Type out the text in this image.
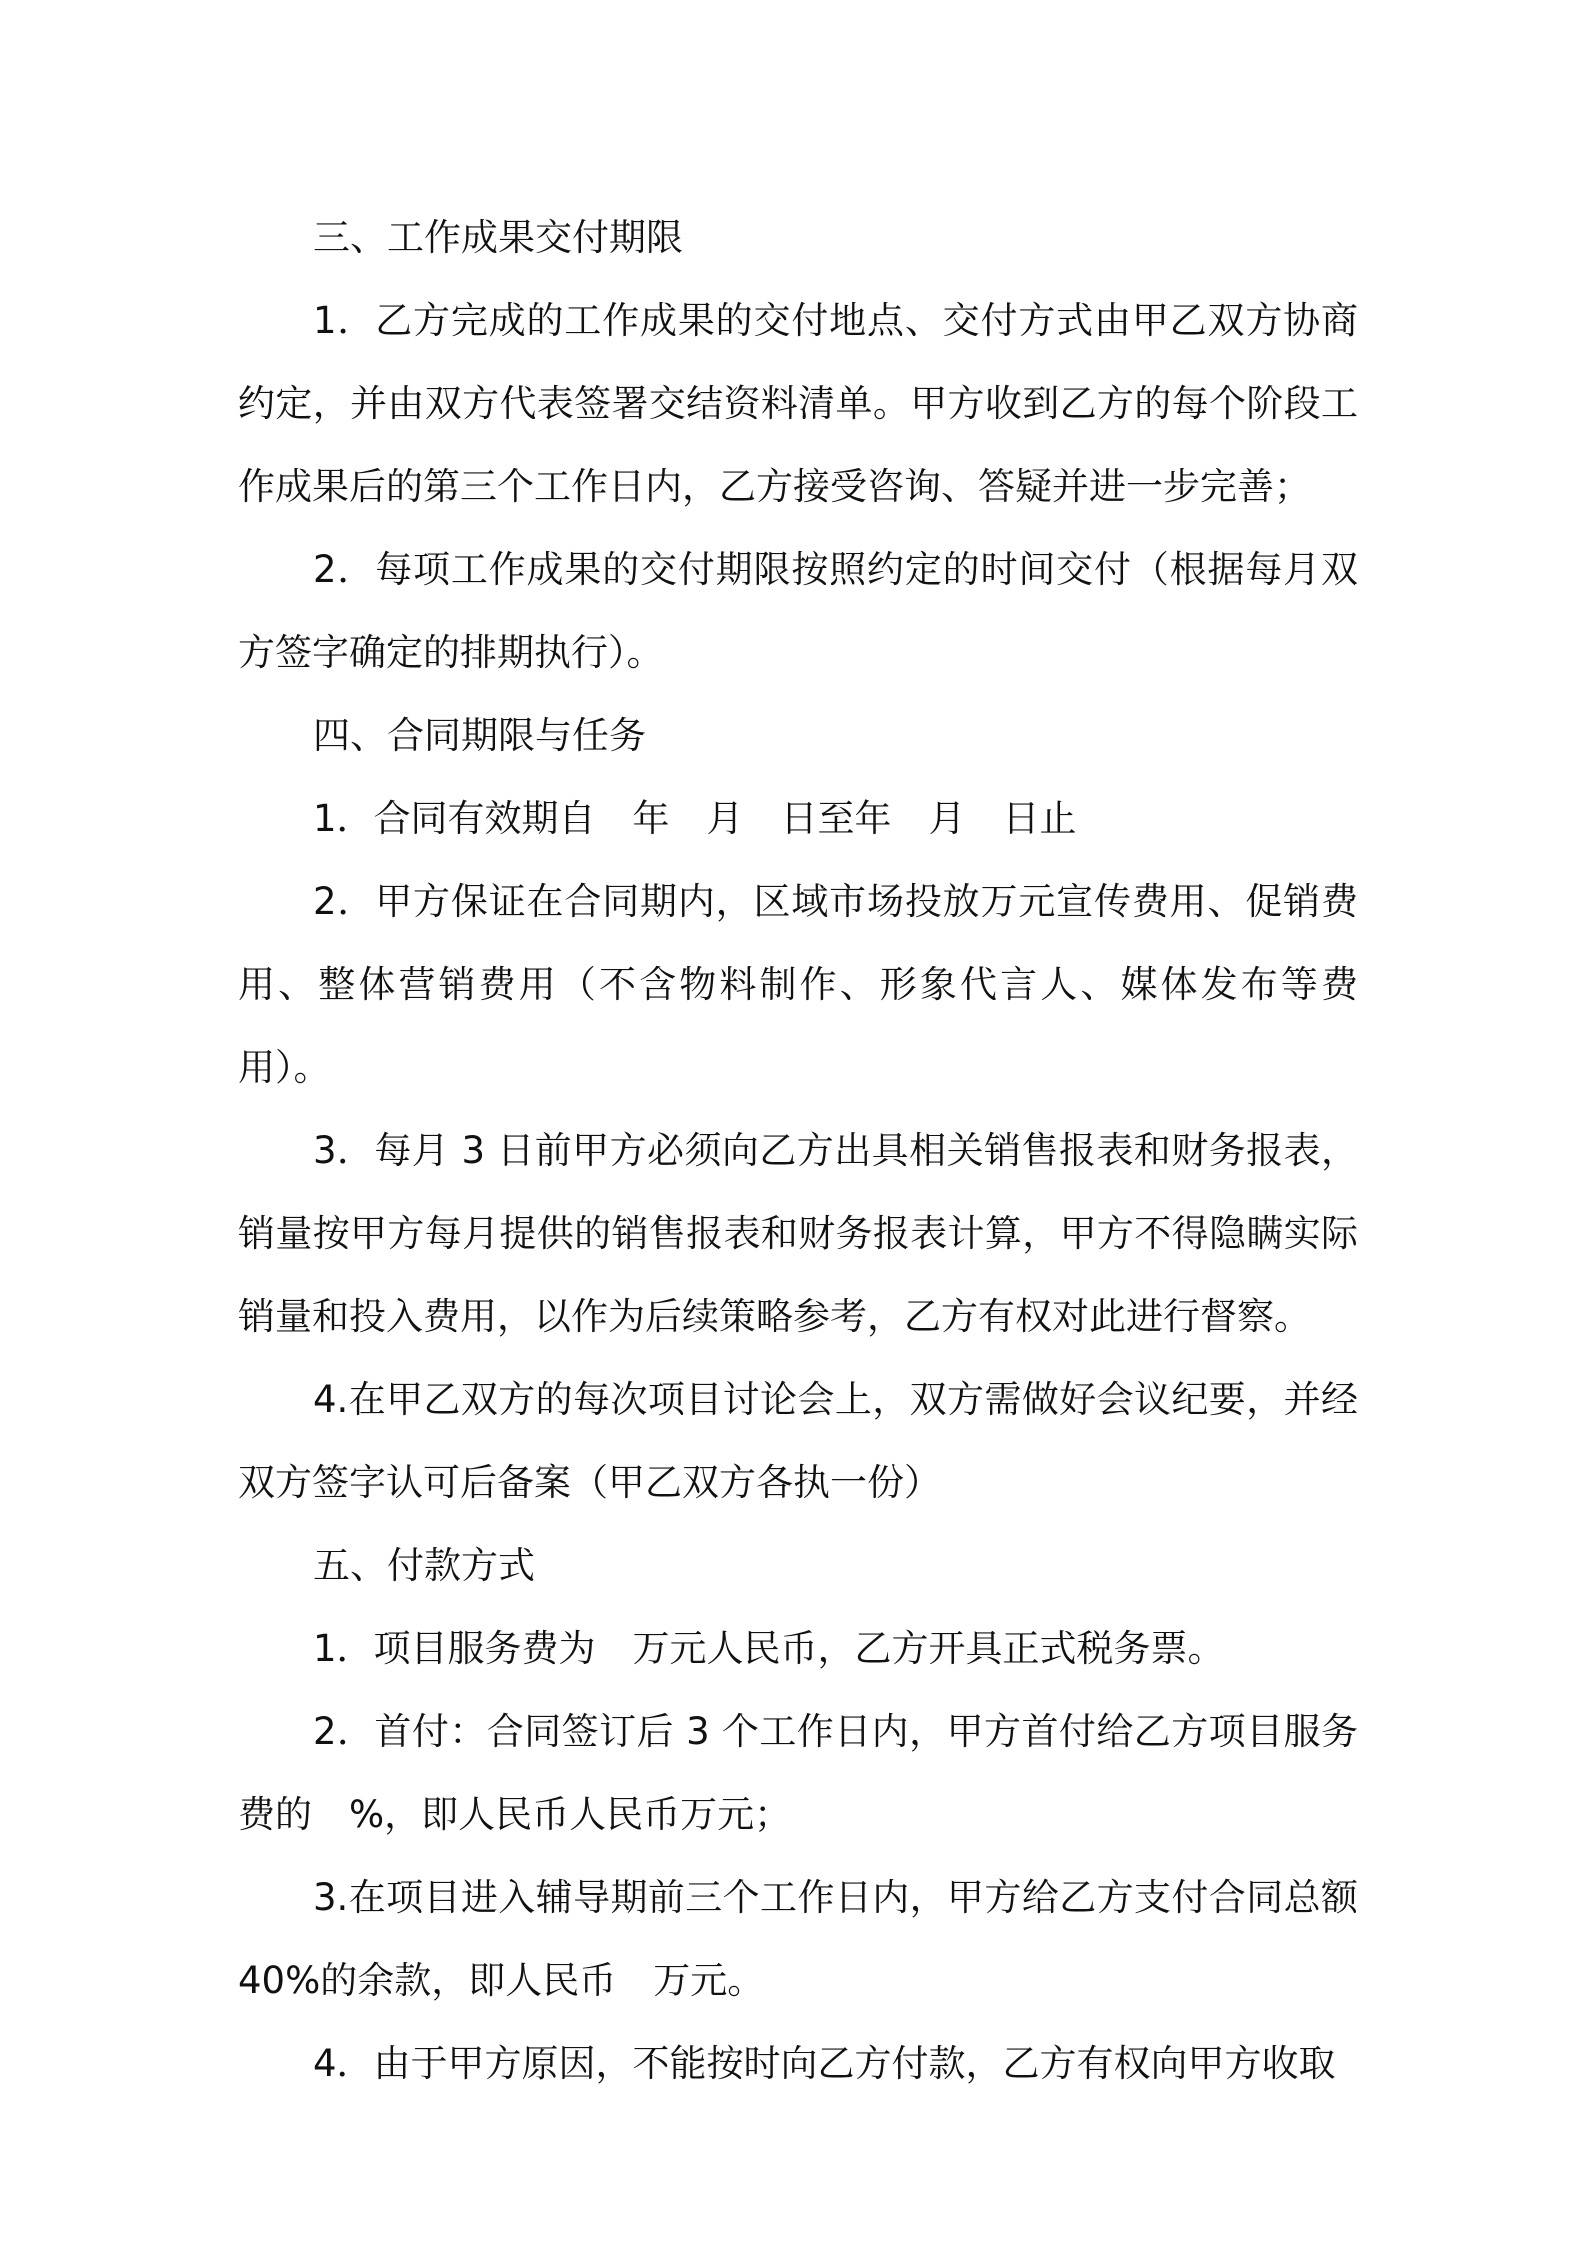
三、工作成果交付期限

1．乙方完成的工作成果的交付地点、交付方式由甲乙双方协商约定，并由双方代表签署交结资料清单。甲方收到乙方的每个阶段工作成果后的第三个工作日内，乙方接受咨询、答疑并进一步完善；

2．每项工作成果的交付期限按照约定的时间交付（根据每月双方签字确定的排期执行）。

四、合同期限与任务

1．合同有效期自　年　月　日至年　月　日止

2．甲方保证在合同期内，区域市场投放万元宣传费用、促销费用、整体营销费用（不含物料制作、形象代言人、媒体发布等费用）。

3．每月 3 日前甲方必须向乙方出具相关销售报表和财务报表，销量按甲方每月提供的销售报表和财务报表计算，甲方不得隐瞒实际销量和投入费用，以作为后续策略参考，乙方有权对此进行督察。

4.在甲乙双方的每次项目讨论会上，双方需做好会议纪要，并经双方签字认可后备案（甲乙双方各执一份）

五、付款方式

1．项目服务费为　万元人民币，乙方开具正式税务票。

2．首付：合同签订后 3 个工作日内，甲方首付给乙方项目服务费的　%，即人民币人民币万元；

3.在项目进入辅导期前三个工作日内，甲方给乙方支付合同总额40%的余款，即人民币　万元。

4．由于甲方原因，不能按时向乙方付款，乙方有权向甲方收取
